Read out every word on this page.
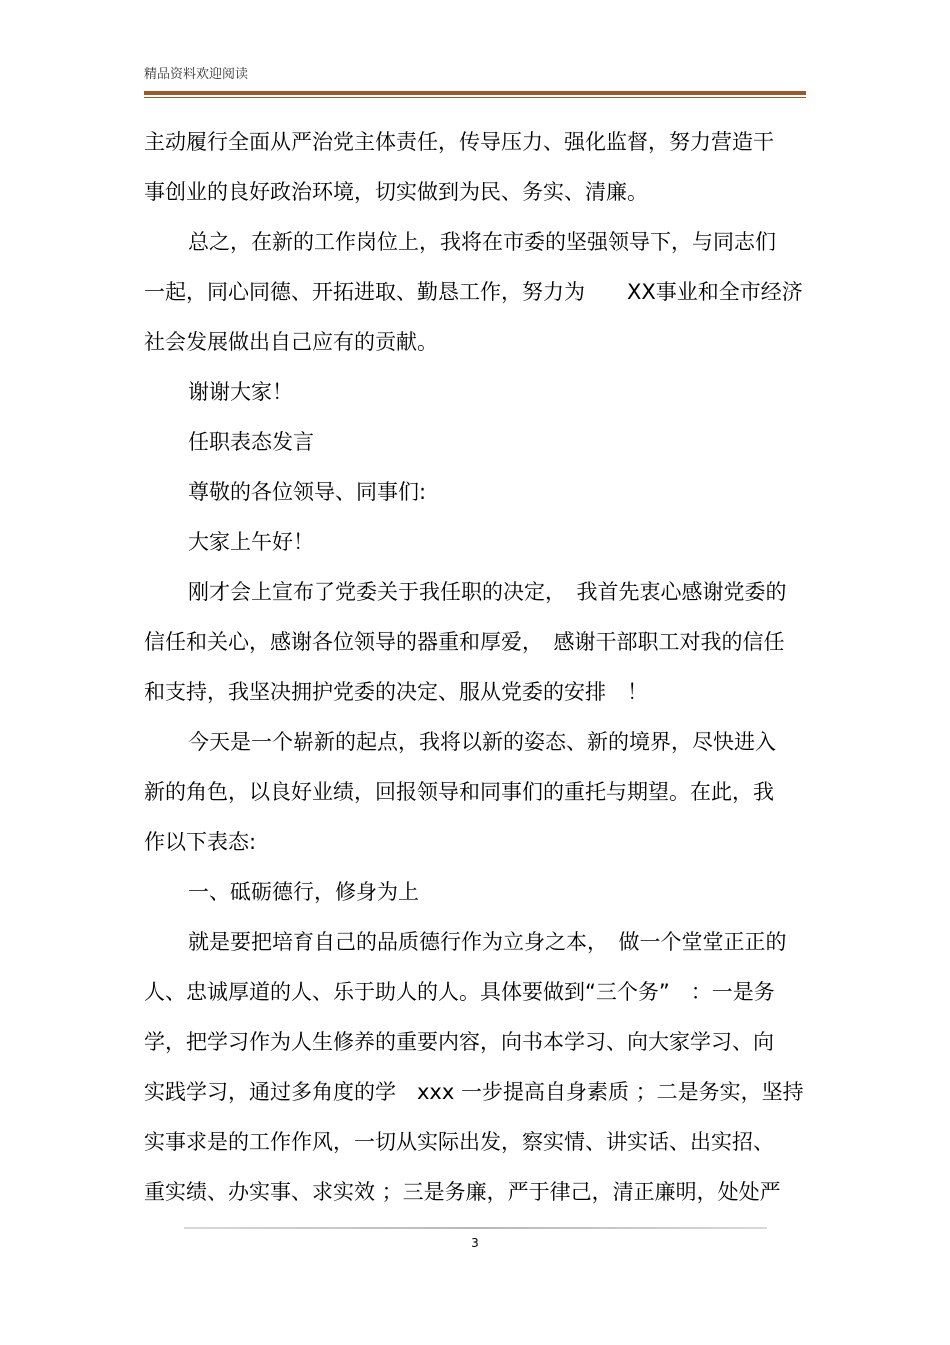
精品资料欢迎阅读
主动履行全面从严治党主体责任，传导压力、强化监督，努力营造干
事创业的良好政治环境，切实做到为民、务实、清廉。
总之，在新的工作岗位上，我将在市委的坚强领导下，与同志们
一起，同心同德、开拓进取、勤恳工作，努力为　　XX事业和全市经济
社会发展做出自己应有的贡献。
谢谢大家！
任职表态发言
尊敬的各位领导、同事们:
大家上午好！
刚才会上宣布了党委关于我任职的决定，　我首先衷心感谢党委的
信任和关心，感谢各位领导的器重和厚爱，　感谢干部职工对我的信任
和支持，我坚决拥护党委的决定、服从党委的安排　！
今天是一个崭新的起点，我将以新的姿态、新的境界，尽快进入
新的角色，以良好业绩，回报领导和同事们的重托与期望。在此，我
作以下表态:
一、砥砺德行，修身为上
就是要把培育自己的品质德行作为立身之本，　做一个堂堂正正的
人、忠诚厚道的人、乐于助人的人。具体要做到“三个务”　：一是务
学，把学习作为人生修养的重要内容，向书本学习、向大家学习、向
实践学习，通过多角度的学　xxx 一步提高自身素质 ；二是务实，坚持
实事求是的工作作风，一切从实际出发，察实情、讲实话、出实招、
重实绩、办实事、求实效 ；三是务廉，严于律己，清正廉明，处处严
3
